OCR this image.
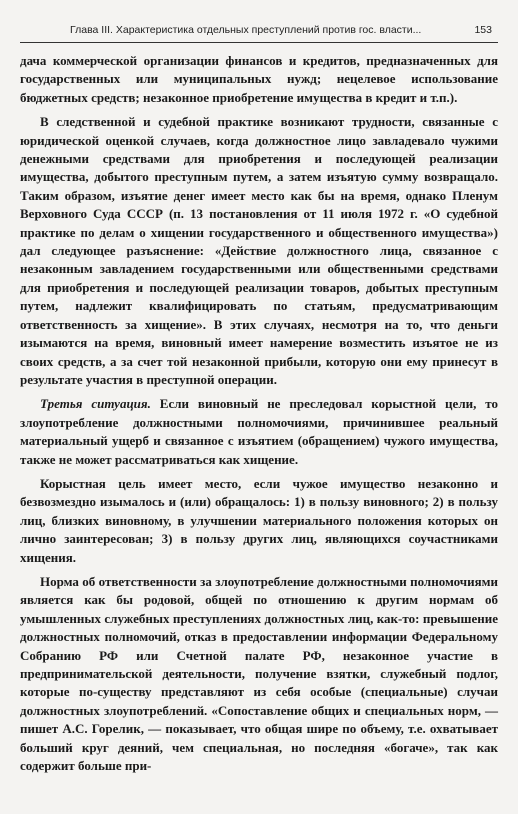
Глава III. Характеристика отдельных преступлений против гос. власти...	153

дача коммерческой организации финансов и кредитов, предназначенных для государственных или муниципальных нужд; нецелевое использование бюджетных средств; незаконное приобретение имущества в кредит и т.п.).

В следственной и судебной практике возникают трудности, связанные с юридической оценкой случаев, когда должностное лицо завладевало чужими денежными средствами для приобретения и последующей реализации имущества, добытого преступным путем, а затем изъятую сумму возвращало. Таким образом, изъятие денег имеет место как бы на время, однако Пленум Верховного Суда СССР (п. 13 постановления от 11 июля 1972 г. «О судебной практике по делам о хищении государственного и общественного имущества») дал следующее разъяснение: «Действие должностного лица, связанное с незаконным завладением государственными или общественными средствами для приобретения и последующей реализации товаров, добытых преступным путем, надлежит квалифицировать по статьям, предусматривающим ответственность за хищение». В этих случаях, несмотря на то, что деньги изымаются на время, виновный имеет намерение возместить изъятое не из своих средств, а за счет той незаконной прибыли, которую они ему принесут в результате участия в преступной операции.

Третья ситуация. Если виновный не преследовал корыстной цели, то злоупотребление должностными полномочиями, причинившее реальный материальный ущерб и связанное с изъятием (обращением) чужого имущества, также не может рассматриваться как хищение.

Корыстная цель имеет место, если чужое имущество незаконно и безвозмездно изымалось и (или) обращалось: 1) в пользу виновного; 2) в пользу лиц, близких виновному, в улучшении материального положения которых он лично заинтересован; 3) в пользу других лиц, являющихся соучастниками хищения.

Норма об ответственности за злоупотребление должностными полномочиями является как бы родовой, общей по отношению к другим нормам об умышленных служебных преступлениях должностных лиц, как-то: превышение должностных полномочий, отказ в предоставлении информации Федеральному Собранию РФ или Счетной палате РФ, незаконное участие в предпринимательской деятельности, получение взятки, служебный подлог, которые по-существу представляют из себя особые (специальные) случаи должностных злоупотреблений. «Сопоставление общих и специальных норм, — пишет А.С. Горелик, — показывает, что общая шире по объему, т.е. охватывает больший круг деяний, чем специальная, но последняя «богаче», так как содержит больше при-
